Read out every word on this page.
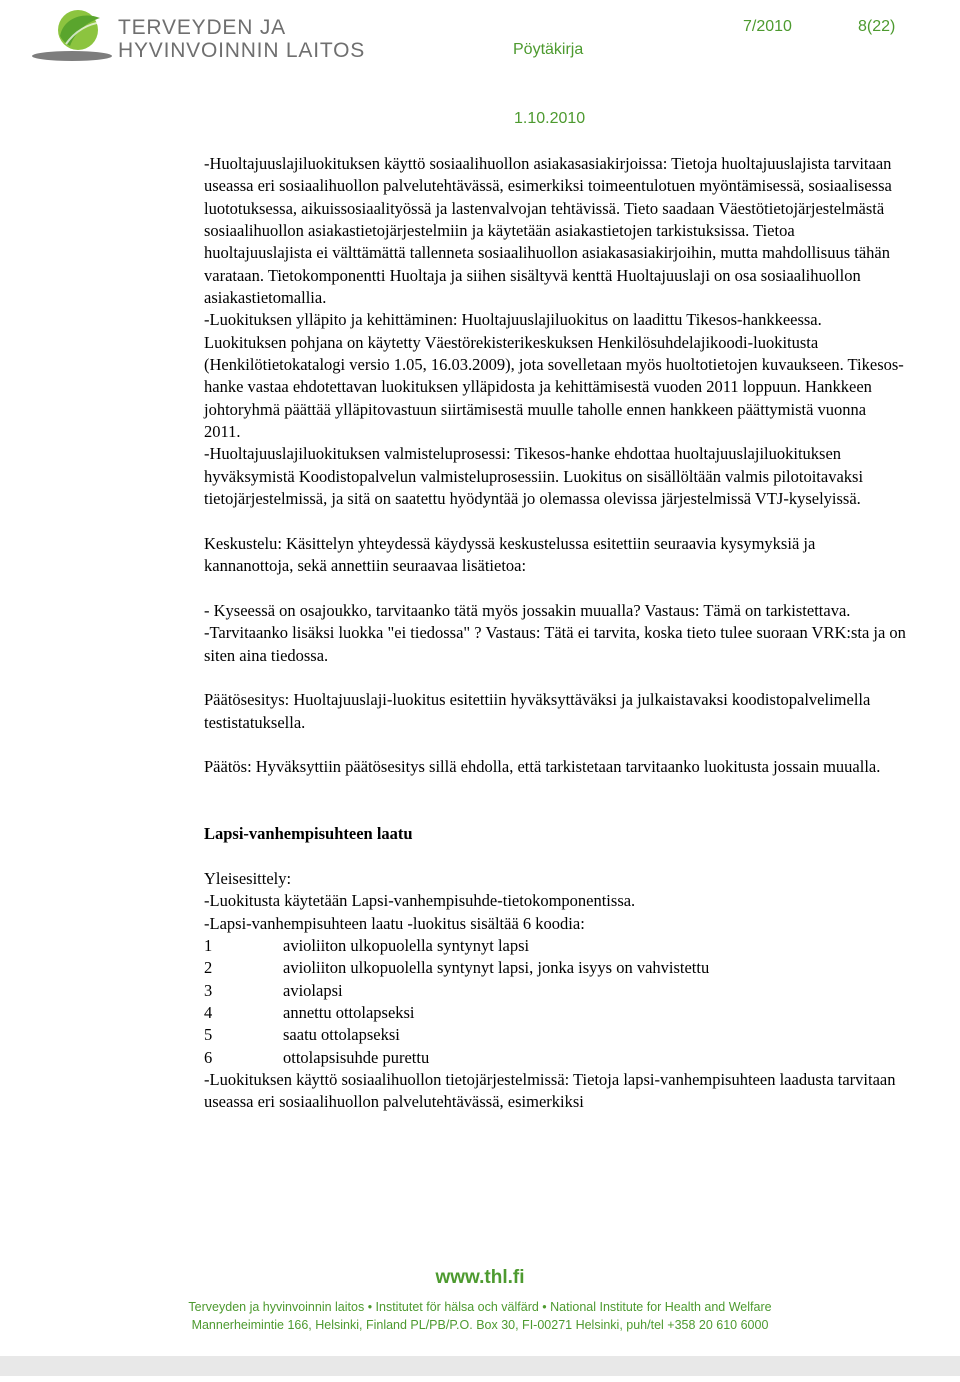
TERVEYDEN JA
HYVINVOINNIN LAITOS
7/2010	8(22)
Pöytäkirja
1.10.2010

-Huoltajuuslajiluokituksen käyttö sosiaalihuollon asiakasasiakirjoissa: Tietoja huoltajuuslajista tarvitaan useassa eri sosiaalihuollon palvelutehtävässä, esimerkiksi toimeentulotuen myöntämisessä, sosiaalisessa luototuksessa, aikuissosiaalityössä ja lastenvalvojan tehtävissä. Tieto saadaan Väestötietojärjestelmästä sosiaalihuollon asiakastietojärjestelmiin ja käytetään asiakastietojen tarkistuksissa. Tietoa huoltajuuslajista ei välttämättä tallenneta sosiaalihuollon asiakasasiakirjoihin, mutta mahdollisuus tähän varataan. Tietokomponentti Huoltaja ja siihen sisältyvä kenttä Huoltajuuslaji on osa sosiaalihuollon asiakastietomallia.

-Luokituksen ylläpito ja kehittäminen: Huoltajuuslajiluokitus on laadittu Tikesos-hankkeessa. Luokituksen pohjana on käytetty Väestörekisterikeskuksen Henkilösuhdelajikoodi-luokitusta (Henkilötietokatalogi versio 1.05, 16.03.2009), jota sovelletaan myös huoltotietojen kuvaukseen. Tikesos-hanke vastaa ehdotettavan luokituksen ylläpidosta ja kehittämisestä vuoden 2011 loppuun. Hankkeen johtoryhmä päättää ylläpitovastuun siirtämisestä muulle taholle ennen hankkeen päättymistä vuonna 2011.

-Huoltajuuslajiluokituksen valmisteluprosessi: Tikesos-hanke ehdottaa huoltajuuslajiluokituksen hyväksymistä Koodistopalvelun valmisteluprosessiin. Luokitus on sisällöltään valmis pilotoitavaksi tietojärjestelmissä, ja sitä on saatettu hyödyntää jo olemassa olevissa järjestelmissä VTJ-kyselyissä.

Keskustelu: Käsittelyn yhteydessä käydyssä keskustelussa esitettiin seuraavia kysymyksiä ja kannanottoja, sekä annettiin seuraavaa lisätietoa:

- Kyseessä on osajoukko, tarvitaanko tätä myös jossakin muualla? Vastaus: Tämä on tarkistettava.

-Tarvitaanko lisäksi luokka "ei tiedossa" ? Vastaus: Tätä ei tarvita, koska tieto tulee suoraan VRK:sta ja on siten aina tiedossa.

Päätösesitys: Huoltajuuslaji-luokitus esitettiin hyväksyttäväksi ja julkaistavaksi koodistopalvelimella testistatuksella.

Päätös: Hyväksyttiin päätösesitys sillä ehdolla, että tarkistetaan tarvitaanko luokitusta jossain muualla.

Lapsi-vanhempisuhteen laatu

Yleisesittely:

-Luokitusta käytetään Lapsi-vanhempisuhde-tietokomponentissa.

-Lapsi-vanhempisuhteen laatu -luokitus sisältää 6 koodia:

1	avioliiton ulkopuolella syntynyt lapsi
2	avioliiton ulkopuolella syntynyt lapsi, jonka isyys on vahvistettu
3	aviolapsi
4	annettu ottolapseksi
5	saatu ottolapseksi
6	ottolapsisuhde purettu

-Luokituksen käyttö sosiaalihuollon tietojärjestelmissä: Tietoja lapsi-vanhempisuhteen laadusta tarvitaan useassa eri sosiaalihuollon palvelutehtävässä, esimerkiksi

www.thl.fi
Terveyden ja hyvinvoinnin laitos • Institutet för hälsa och välfärd • National Institute for Health and Welfare
Mannerheimintie 166, Helsinki, Finland PL/PB/P.O. Box 30, FI-00271 Helsinki, puh/tel +358 20 610 6000
